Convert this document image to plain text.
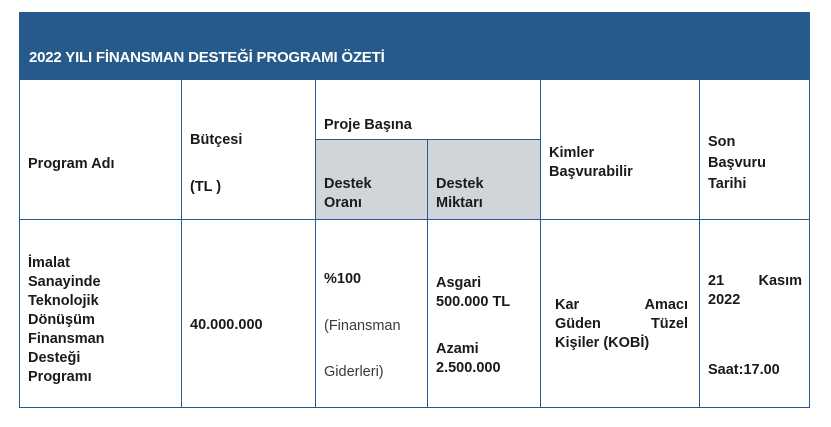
2022 YILI FİNANSMAN DESTEĞİ PROGRAMI ÖZETİ
Program Adı
Bütçesi
(TL )
Proje Başına
Destek
Oranı
Destek
Miktarı
Kimler
Başvurabilir
Son
Başvuru
Tarihi
İmalat
Sanayinde
Teknolojik
Dönüşüm
Finansman
Desteği
Programı
40.000.000
%100
(Finansman
Giderleri)
Asgari
500.000 TL
Azami
2.500.000
Kar	Amacı
Güden	Tüzel
Kişiler (KOBİ)
21 Kasım
2022
Saat:17.00
